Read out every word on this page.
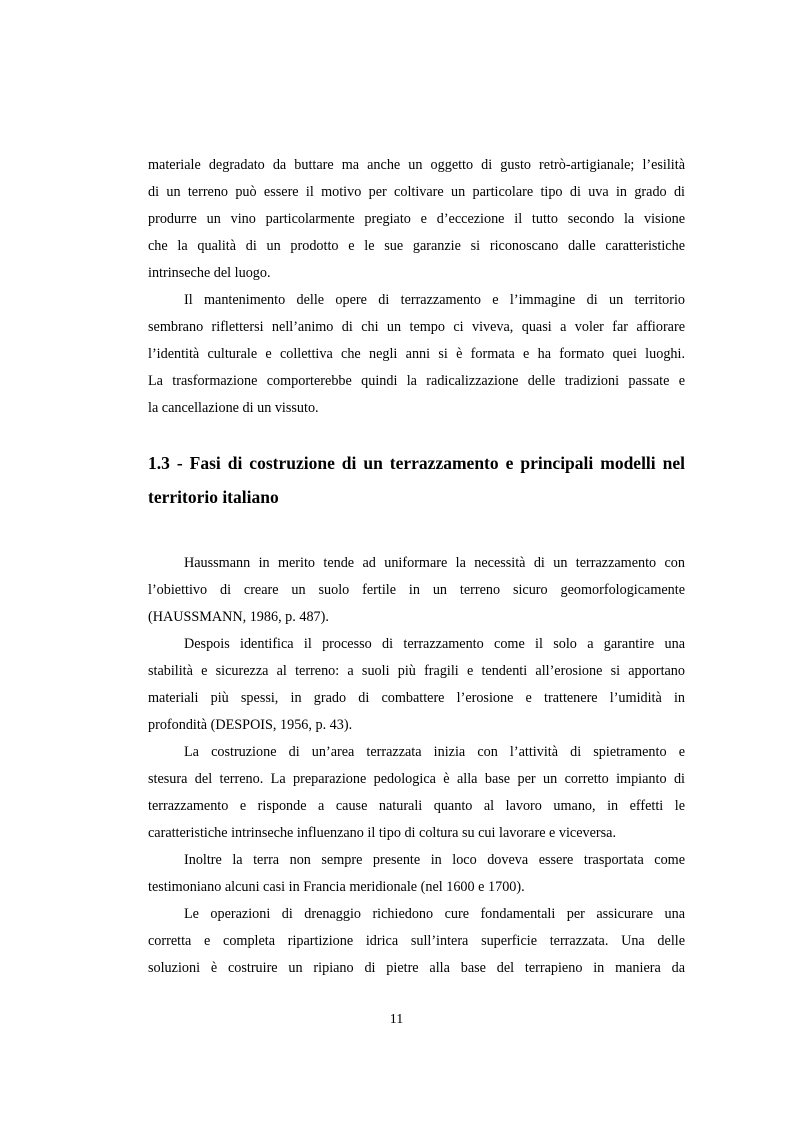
materiale degradato da buttare ma anche un oggetto di gusto retrò-artigianale; l’esilità
di un terreno può essere il motivo per coltivare un particolare tipo di uva in grado di
produrre un vino particolarmente pregiato e d’eccezione il tutto secondo la visione
che la qualità di un prodotto e le sue garanzie si riconoscano dalle caratteristiche
intrinseche del luogo.
Il mantenimento delle opere di terrazzamento e l’immagine di un territorio
sembrano riflettersi nell’animo di chi un tempo ci viveva, quasi a voler far affiorare
l’identità culturale e collettiva che negli anni si è formata e ha formato quei luoghi.
La trasformazione comporterebbe quindi la radicalizzazione delle tradizioni passate e
la cancellazione di un vissuto.
1.3 - Fasi di costruzione di un terrazzamento e principali modelli nel
territorio italiano
Haussmann in merito tende ad uniformare la necessità di un terrazzamento con
l’obiettivo di creare un suolo fertile in un terreno sicuro geomorfologicamente
(HAUSSMANN, 1986, p. 487).
Despois identifica il processo di terrazzamento come il solo a garantire una
stabilità e sicurezza al terreno: a suoli più fragili e tendenti all’erosione si apportano
materiali più spessi, in grado di combattere l’erosione e trattenere l’umidità in
profondità (DESPOIS, 1956, p. 43).
La costruzione di un’area terrazzata inizia con l’attività di spietramento e
stesura del terreno. La preparazione pedologica è alla base per un corretto impianto di
terrazzamento e risponde a cause naturali quanto al lavoro umano, in effetti le
caratteristiche intrinseche influenzano il tipo di coltura su cui lavorare e viceversa.
Inoltre la terra non sempre presente in loco doveva essere trasportata come
testimoniano alcuni casi in Francia meridionale (nel 1600 e 1700).
Le operazioni di drenaggio richiedono cure fondamentali per assicurare una
corretta e completa ripartizione idrica sull’intera superficie terrazzata. Una delle
soluzioni è costruire un ripiano di pietre alla base del terrapieno in maniera da
11
